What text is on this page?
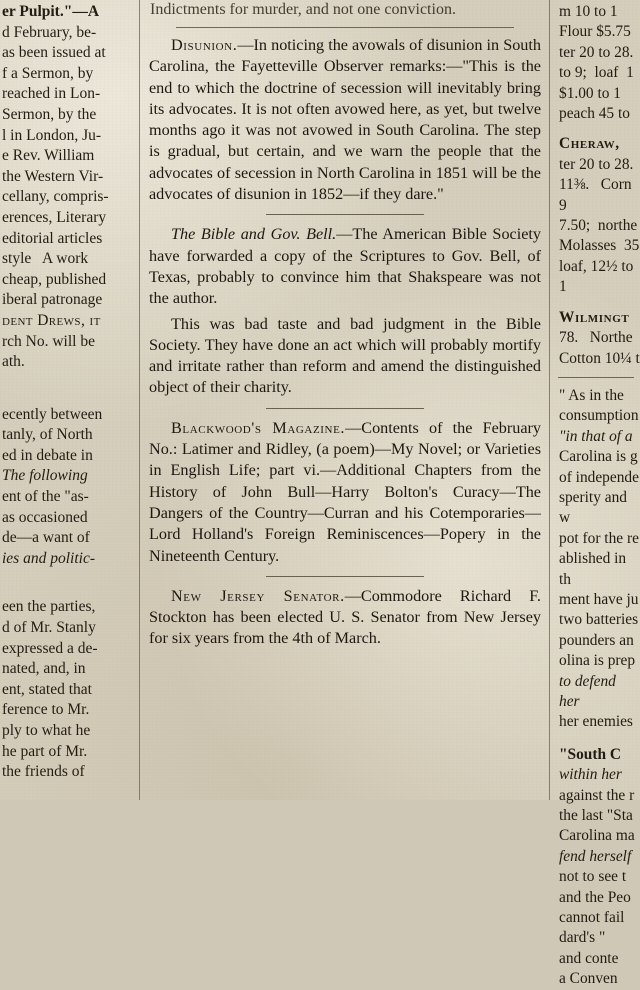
er Pulpit."—A
d February, be-
as been issued at
f a Sermon, by
reached in Lon-
Sermon, by the
l in London, Ju-
e Rev. William
the Western Vir-
cellany, compris-
erences, Literary
editorial articles
style   A work
cheap, published
iberal patronage
dent Drews, it
rch No. will be
ath.
ecently between
tanly, of North
ed in debate in
The following
ent of the "as-
as occasioned
de—a want of
ies and politic-
een the parties,
d of Mr. Stanly
expressed a de-
nated, and, in
ent, stated that
ference to Mr.
ply to what he
he part of Mr.
the friends of
Indictments for murder, and not one conviction.

Disunion.—In noticing the avowals of disunion in South Carolina, the Fayetteville Observer remarks:—"This is the end to which the doctrine of secession will inevitably bring its advocates. It is not often avowed here, as yet, but twelve months ago it was not avowed in South Carolina. The step is gradual, but certain, and we warn the people that the advocates of secession in North Carolina in 1851 will be the advocates of disunion in 1852—if they dare."

The Bible and Gov. Bell.—The American Bible Society have forwarded a copy of the Scriptures to Gov. Bell, of Texas, probably to convince him that Shakspeare was not the author.

This was bad taste and bad judgment in the Bible Society. They have done an act which will probably mortify and irritate rather than reform and amend the distinguished object of their charity.

Blackwood's Magazine.—Contents of the February No.: Latimer and Ridley, (a poem)—My Novel; or Varieties in English Life; part vi.—Additional Chapters from the History of John Bull—Harry Bolton's Curacy—The Dangers of the Country—Curran and his Cotemporaries—Lord Holland's Foreign Reminiscences—Popery in the Nineteenth Century.

New Jersey Senator.—Commodore Richard F. Stockton has been elected U. S. Senator from New Jersey for six years from the 4th of March.

m 10 to 1
Flour $5.75
ter 20 to 28.
to 9;  loaf  1
$1.00 to 1
peach 45 to
Cheraw,
ter 20 to 28.
11⅜.   Corn 9
7.50;  northe
Molasses  35
loaf, 12½ to 1
Wilmingt
78.   Northe
Cotton 10¼ t
" As in the
consumption
"in that of a
Carolina is g
of independe
sperity and w
pot for the re
ablished in th
ment have ju
two batteries
pounders an
olina is prep
to defend her
her enemies
"South C
within her
against the r
the last "Sta
Carolina ma
fend herself
not to see t
and the Peo
cannot fail
dard's "
and conte
a Conven
